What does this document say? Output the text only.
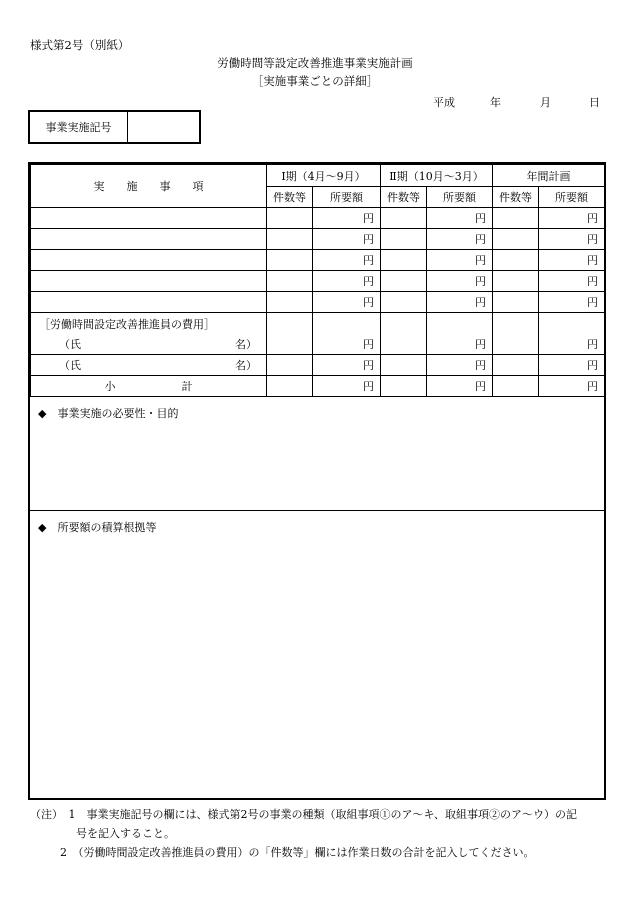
様式第2号（別紙）
労働時間等設定改善推進事業実施計画
［実施事業ごとの詳細］
平成	年	月	日
事業実施記号
実　　施　　事　　項	Ⅰ期（4月～9月）		Ⅱ期（10月～3月）		年間計画	
	件数等	所要額	件数等	所要額	件数等	所要額
		円		円		円
		円		円		円
		円		円		円
		円		円		円
		円		円		円
［労働時間設定改善推進員の費用］						
（氏　　　　　　　　　　　　　　名）		円		円		円
（氏　　　　　　　　　　　　　　名）		円		円		円
小　　　　　　計		円		円		円
◆　事業実施の必要性・目的
◆　所要額の積算根拠等
（注）　1　事業実施記号の欄には、様式第2号の事業の種類（取組事項①のア～キ、取組事項②のア～ウ）の記
号を記入すること。
2　（労働時間設定改善推進員の費用）の「件数等」欄には作業日数の合計を記入してください。
